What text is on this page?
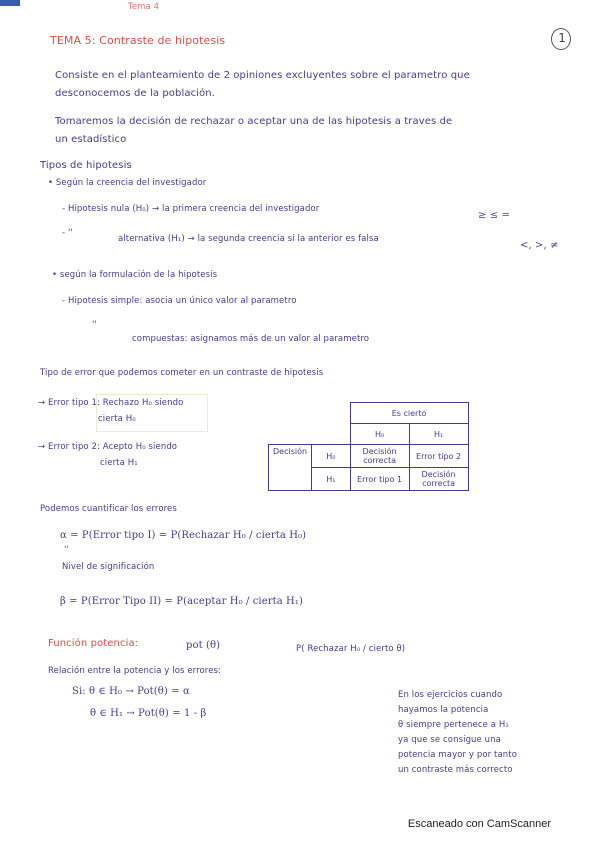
Tema 4
TEMA 5: Contraste de hipotesis	1
Consiste en el planteamiento de 2 opiniones excluyentes sobre el parametro que
desconocemos de la población.
Tomaremos la decisión de rechazar o aceptar una de las hipotesis a traves de
un estadístico
Tipos de hipotesis
• Según la creencia del investigador
- Hipotesis nula (H₀) → la primera creencia del investigador
≥ ≤ =
- ''
alternativa (H₁) → la segunda creencia si la anterior es falsa
<, >, ≠
• según la formulación de la hipotesis
- Hipotesis simple: asocia un único valor al parametro
''
compuestas: asignamos más de un valor al parametro
Tipo de error que podemos cometer en un contraste de hipotesis
→ Error tipo 1: Rechazo H₀ siendo
cierta H₀
→ Error tipo 2: Acepto H₀ siendo
cierta H₁
		Es cierto	
		H₀	H₁
Decisión	H₀	Decisión correcta	Error tipo 2
	H₁	Error tipo 1	Decisión correcta
Podemos cuantificar los errores
α = P(Error tipo I) = P(Rechazar H₀ / cierta H₀)
''
Nivel de significación
β = P(Error Tipo II) = P(aceptar H₀ / cierta H₁)
Función potencia:	pot (θ)	P( Rechazar H₀ / cierto θ)
Relación entre la potencia y los errores:
Si: θ ∈ H₀ → Pot(θ) = α
θ ∈ H₁ → Pot(θ) = 1 - β
En los ejercicios cuando
hayamos la potencia
θ siempre pertenece a H₁
ya que se consigue una
potencia mayor y por tanto
un contraste más correcto
Escaneado con CamScanner
